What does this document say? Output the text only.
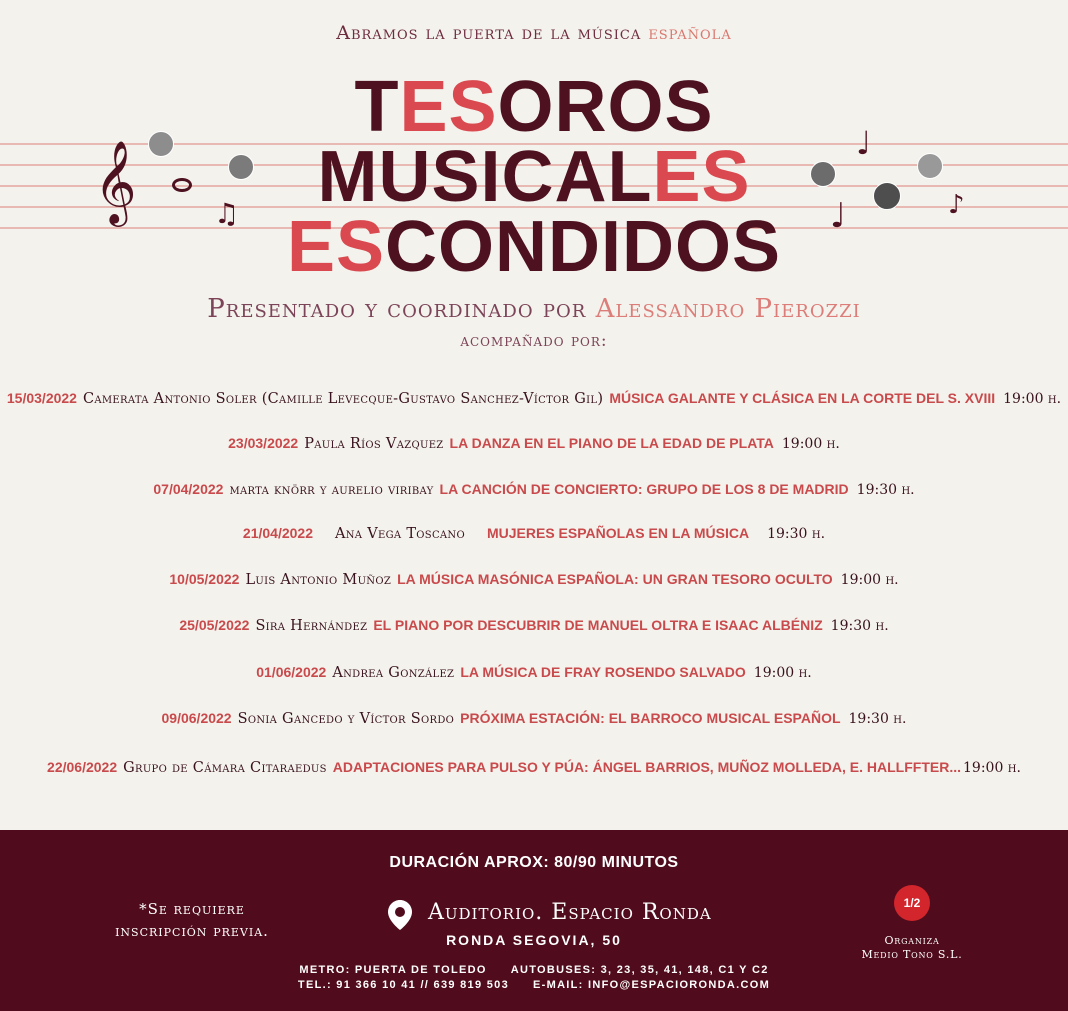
Abramos la puerta de la música española
𝄞	♫
♩
♩	♪
TESOROS
MUSICALES
ESCONDIDOS
Presentado y coordinado por Alessandro Pierozzi
acompañado por:
15/03/2022 Camerata Antonio Soler (Camille Levecque-Gustavo Sanchez-Víctor Gil) MÚSICA GALANTE Y CLÁSICA EN LA CORTE DEL S. XVIII 19:00 h.
23/03/2022 Paula Ríos Vazquez LA DANZA EN EL PIANO DE LA EDAD DE PLATA 19:00 h.
07/04/2022 marta knörr y aurelio viribay LA CANCIÓN DE CONCIERTO: GRUPO DE LOS 8 DE MADRID 19:30 h.
21/04/2022 Ana Vega Toscano MUJERES ESPAÑOLAS EN LA MÚSICA 19:30 h.
10/05/2022 Luis Antonio Muñoz LA MÚSICA MASÓNICA ESPAÑOLA: UN GRAN TESORO OCULTO 19:00 h.
25/05/2022 Sira Hernández EL PIANO POR DESCUBRIR DE MANUEL OLTRA E ISAAC ALBÉNIZ 19:30 h.
01/06/2022 Andrea González LA MÚSICA DE FRAY ROSENDO SALVADO 19:00 h.
09/06/2022 Sonia Gancedo y Víctor Sordo PRÓXIMA ESTACIÓN: EL BARROCO MUSICAL ESPAÑOL 19:30 h.
22/06/2022 Grupo de Cámara Citaraedus ADAPTACIONES PARA PULSO Y PÚA: ÁNGEL BARRIOS, MUÑOZ MOLLEDA, E. HALLFFTER... 19:00 h.
DURACIÓN APROX: 80/90 MINUTOS
*Se requiere
inscripción previa.
Auditorio. Espacio Ronda
RONDA SEGOVIA, 50
METRO: PUERTA DE TOLEDO AUTOBUSES: 3, 23, 35, 41, 148, C1 Y C2
TEL.: 91 366 10 41 // 639 819 503 E-MAIL: INFO@ESPACIORONDA.COM
1/2
Organiza
Medio Tono S.L.
